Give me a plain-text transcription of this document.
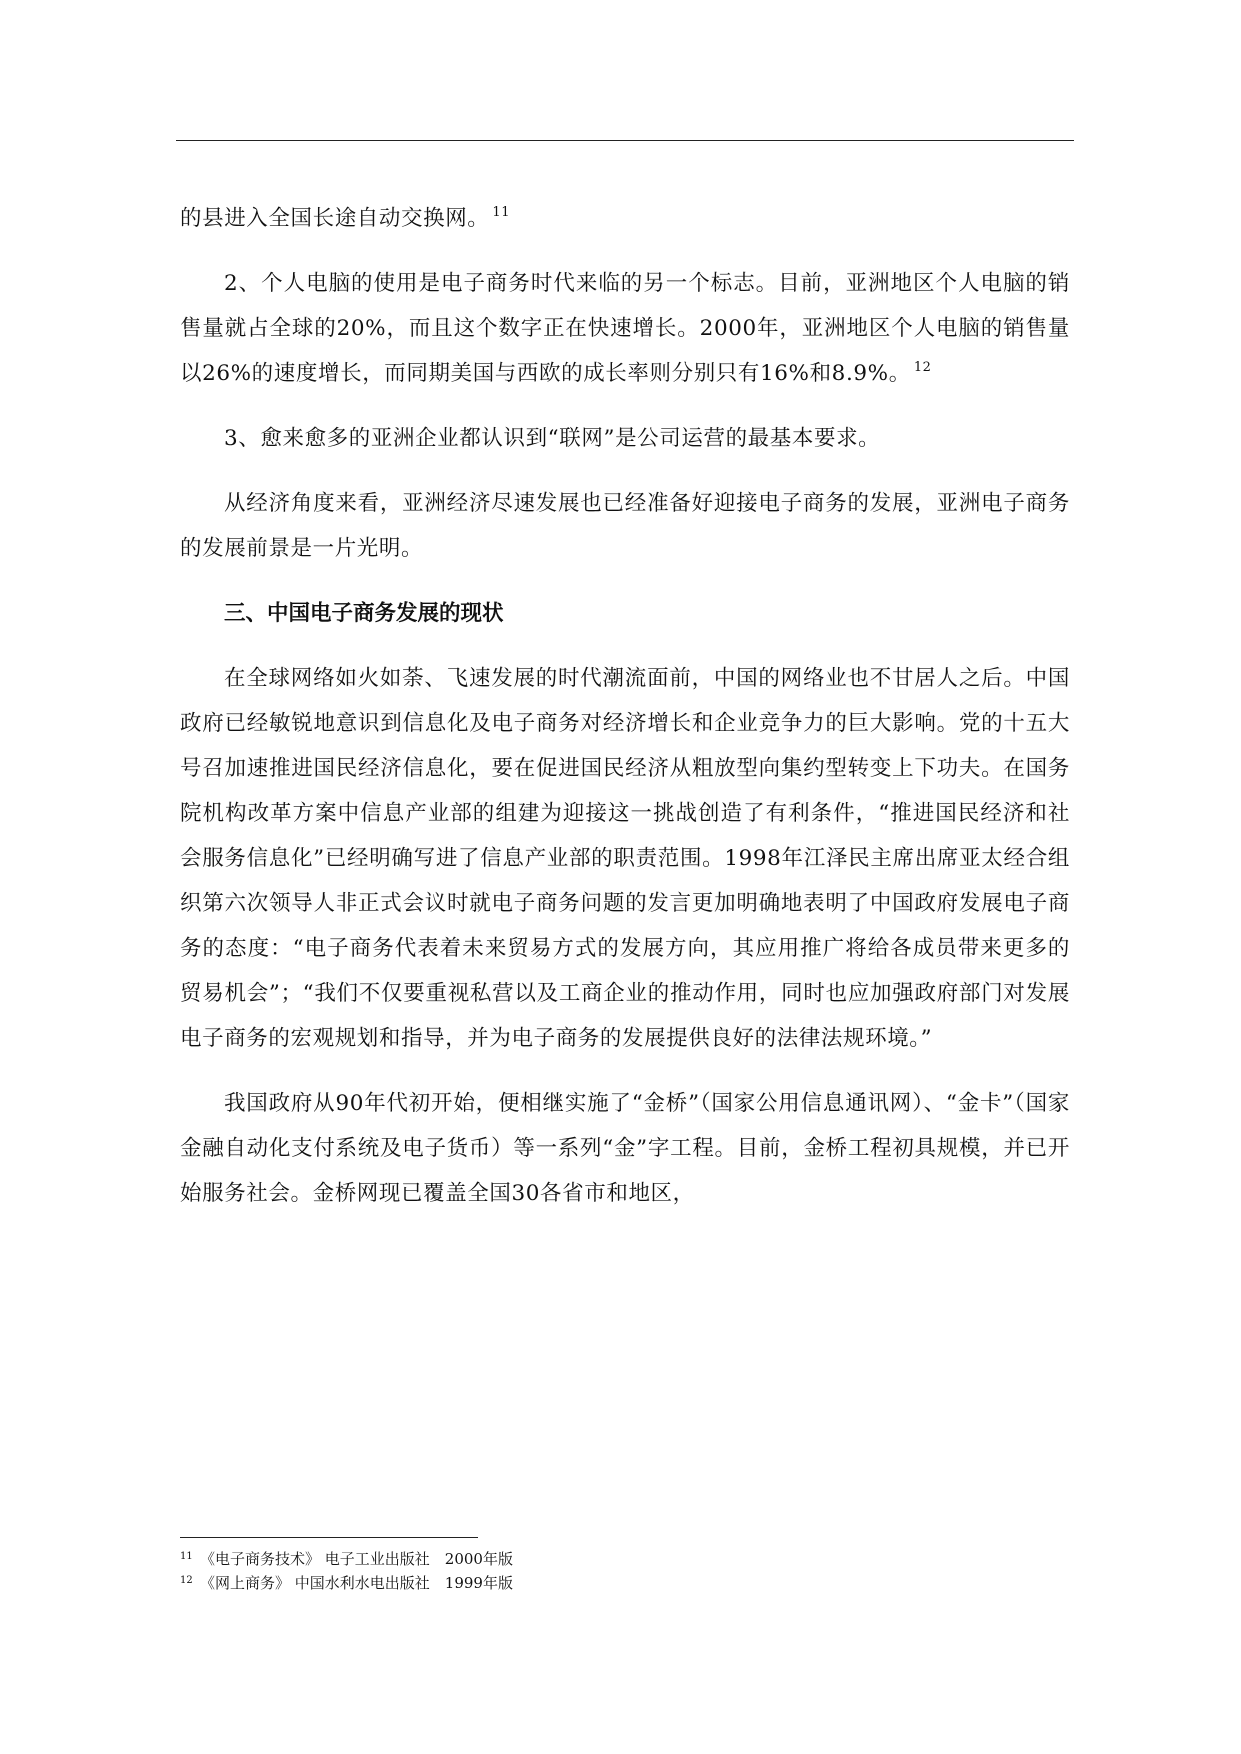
的县进入全国长途自动交换网。 $^{11}$

2、个人电脑的使用是电子商务时代来临的另一个标志。目前，亚洲地区个人电脑的销售量就占全球的20%，而且这个数字正在快速增长。2000年，亚洲地区个人电脑的销售量以26%的速度增长，而同期美国与西欧的成长率则分别只有16%和8.9%。 $^{12}$

3、愈来愈多的亚洲企业都认识到“联网”是公司运营的最基本要求。

从经济角度来看，亚洲经济尽速发展也已经准备好迎接电子商务的发展，亚洲电子商务的发展前景是一片光明。

三、中国电子商务发展的现状

在全球网络如火如荼、飞速发展的时代潮流面前，中国的网络业也不甘居人之后。中国政府已经敏锐地意识到信息化及电子商务对经济增长和企业竞争力的巨大影响。党的十五大号召加速推进国民经济信息化，要在促进国民经济从粗放型向集约型转变上下功夫。在国务院机构改革方案中信息产业部的组建为迎接这一挑战创造了有利条件，“推进国民经济和社会服务信息化”已经明确写进了信息产业部的职责范围。1998年江泽民主席出席亚太经合组织第六次领导人非正式会议时就电子商务问题的发言更加明确地表明了中国政府发展电子商务的态度：“电子商务代表着未来贸易方式的发展方向，其应用推广将给各成员带来更多的贸易机会”；“我们不仅要重视私营以及工商企业的推动作用，同时也应加强政府部门对发展电子商务的宏观规划和指导，并为电子商务的发展提供良好的法律法规环境。”

我国政府从90年代初开始，便相继实施了“金桥”（国家公用信息通讯网）、“金卡”（国家金融自动化支付系统及电子货币）等一系列“金”字工程。目前，金桥工程初具规模，并已开始服务社会。金桥网现已覆盖全国30各省市和地区，

11 《电子商务技术》 电子工业出版社　2000年版
12 《网上商务》 中国水利水电出版社　1999年版
